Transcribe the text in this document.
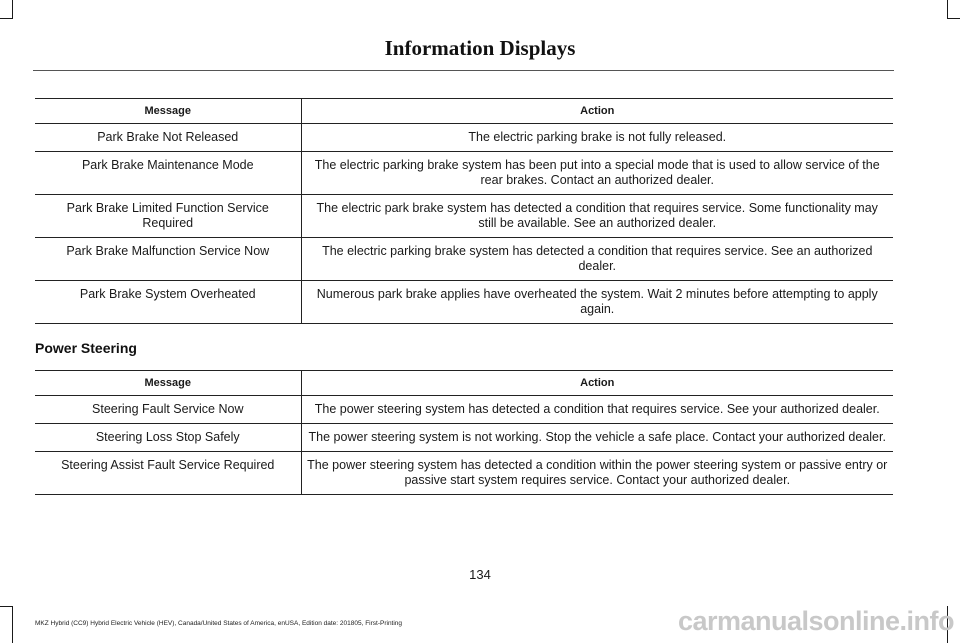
Information Displays
Message	Action
Park Brake Not Released	The electric parking brake is not fully released.
Park Brake Maintenance Mode	The electric parking brake system has been put into a special mode that is used to allow service of the rear brakes. Contact an authorized dealer.
Park Brake Limited Function Service Required	The electric park brake system has detected a condition that requires service. Some functionality may still be available. See an authorized dealer.
Park Brake Malfunction Service Now	The electric parking brake system has detected a condition that requires service. See an authorized dealer.
Park Brake System Overheated	Numerous park brake applies have overheated the system. Wait 2 minutes before attempting to apply again.
Power Steering
Message	Action
Steering Fault Service Now	The power steering system has detected a condition that requires service. See your authorized dealer.
Steering Loss Stop Safely	The power steering system is not working. Stop the vehicle a safe place. Contact your authorized dealer.
Steering Assist Fault Service Required	The power steering system has detected a condition within the power steering system or passive entry or passive start system requires service. Contact your authorized dealer.
134
MKZ Hybrid (CC9) Hybrid Electric Vehicle (HEV), Canada/United States of America, enUSA, Edition date: 201805, First-Printing	carmanualsonline.info
